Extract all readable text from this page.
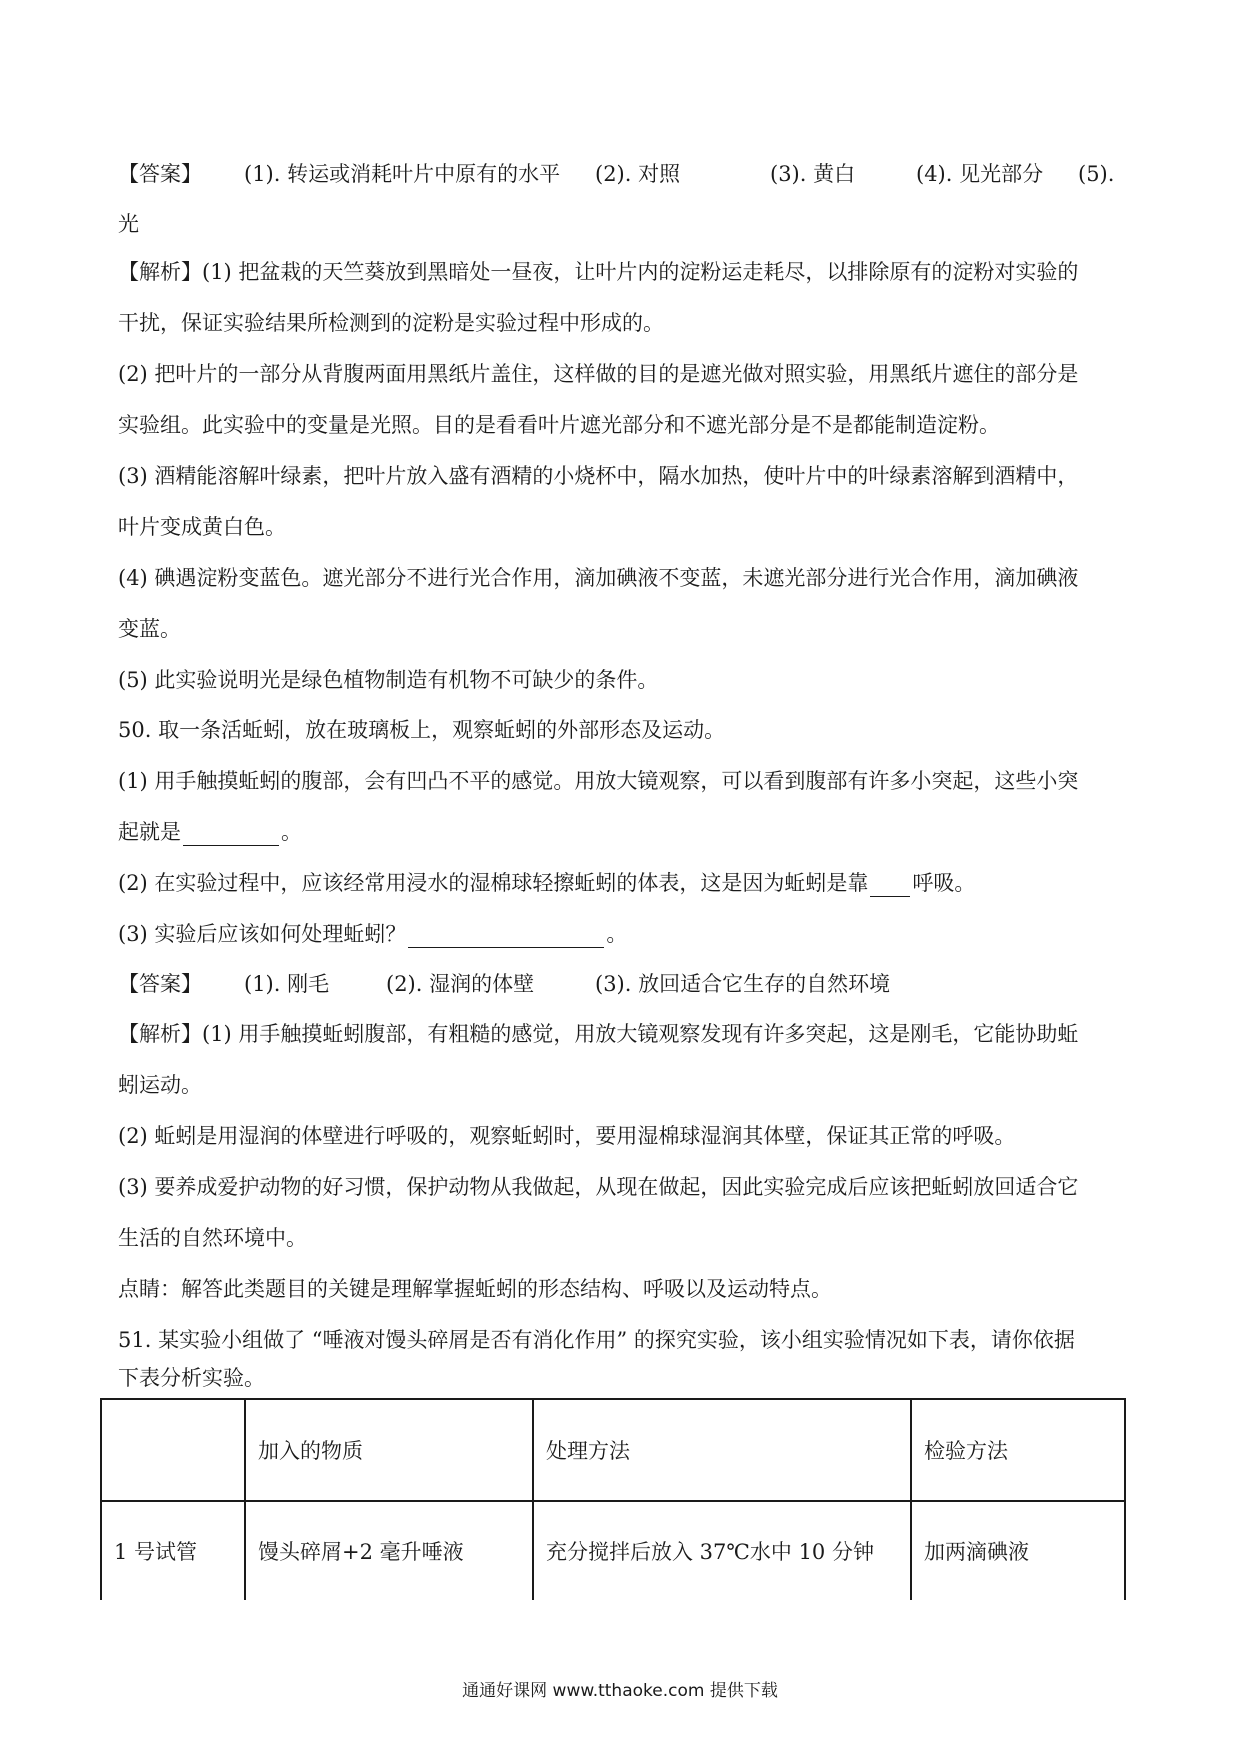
【答案】 (1). 转运或消耗叶片中原有的水平 (2). 对照	(3). 黄白	(4). 见光部分 (5).
光
【解析】(1) 把盆栽的天竺葵放到黑暗处一昼夜，让叶片内的淀粉运走耗尽，以排除原有的淀粉对实验的
干扰，保证实验结果所检测到的淀粉是实验过程中形成的。
(2) 把叶片的一部分从背腹两面用黑纸片盖住，这样做的目的是遮光做对照实验，用黑纸片遮住的部分是
实验组。此实验中的变量是光照。目的是看看叶片遮光部分和不遮光部分是不是都能制造淀粉。
(3) 酒精能溶解叶绿素，把叶片放入盛有酒精的小烧杯中，隔水加热，使叶片中的叶绿素溶解到酒精中，
叶片变成黄白色。
(4) 碘遇淀粉变蓝色。遮光部分不进行光合作用，滴加碘液不变蓝，未遮光部分进行光合作用，滴加碘液
变蓝。
(5) 此实验说明光是绿色植物制造有机物不可缺少的条件。
50. 取一条活蚯蚓，放在玻璃板上，观察蚯蚓的外部形态及运动。
(1) 用手触摸蚯蚓的腹部，会有凹凸不平的感觉。用放大镜观察，可以看到腹部有许多小突起，这些小突
起就是	。
(2) 在实验过程中，应该经常用浸水的湿棉球轻擦蚯蚓的体表，这是因为蚯蚓是靠 呼吸。
(3) 实验后应该如何处理蚯蚓？	。
【答案】 (1). 刚毛	(2). 湿润的体壁	(3). 放回适合它生存的自然环境
【解析】(1) 用手触摸蚯蚓腹部，有粗糙的感觉，用放大镜观察发现有许多突起，这是刚毛，它能协助蚯
蚓运动。
(2) 蚯蚓是用湿润的体壁进行呼吸的，观察蚯蚓时，要用湿棉球湿润其体壁，保证其正常的呼吸。
(3) 要养成爱护动物的好习惯，保护动物从我做起，从现在做起，因此实验完成后应该把蚯蚓放回适合它
生活的自然环境中。
点睛：解答此类题目的关键是理解掌握蚯蚓的形态结构、呼吸以及运动特点。
51. 某实验小组做了 “唾液对馒头碎屑是否有消化作用” 的探究实验，该小组实验情况如下表，请你依据
下表分析实验。
	加入的物质	处理方法	检验方法
1 号试管	馒头碎屑+2 毫升唾液	充分搅拌后放入 37℃水中 10 分钟	加两滴碘液
通通好课网 www.tthaoke.com 提供下载
